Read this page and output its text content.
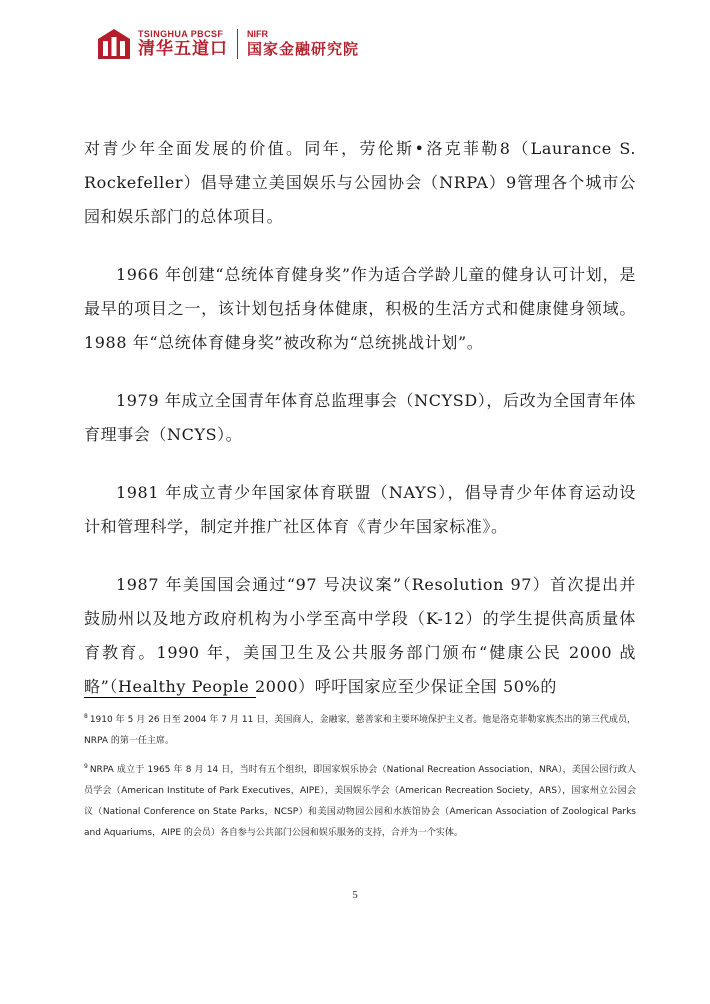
TSINGHUA PBCSF
清华五道口
NIFR
国家金融研究院

对青少年全面发展的价值。同年，劳伦斯•洛克菲勒8（Laurance S. Rockefeller）倡导建立美国娱乐与公园协会（NRPA）9管理各个城市公园和娱乐部门的总体项目。

1966 年创建“总统体育健身奖”作为适合学龄儿童的健身认可计划，是最早的项目之一，该计划包括身体健康，积极的生活方式和健康健身领域。1988 年“总统体育健身奖”被改称为“总统挑战计划”。

1979 年成立全国青年体育总监理事会（NCYSD），后改为全国青年体育理事会（NCYS）。

1981 年成立青少年国家体育联盟（NAYS），倡导青少年体育运动设计和管理科学，制定并推广社区体育《青少年国家标准》。

1987 年美国国会通过“97 号决议案”（Resolution 97）首次提出并鼓励州以及地方政府机构为小学至高中学段（K-12）的学生提供高质量体育教育。1990 年，美国卫生及公共服务部门颁布“健康公民 2000 战略”（Healthy People 2000）呼吁国家应至少保证全国 50%的

$^8$ 1910 年 5 月 26 日至 2004 年 7 月 11 日，美国商人，金融家，慈善家和主要环境保护主义者。他是洛克菲勒家族杰出的第三代成员，NRPA 的第一任主席。

$^9$ NRPA 成立于 1965 年 8 月 14 日，当时有五个组织，即国家娱乐协会（National Recreation Association，NRA），美国公园行政人员学会（American Institute of Park Executives，AIPE），美国娱乐学会（American Recreation Society，ARS），国家州立公园会议（National Conference on State Parks，NCSP）和美国动物园公园和水族馆协会（American Association of Zoological Parks and Aquariums，AIPE 的会员）各自参与公共部门公园和娱乐服务的支持，合并为一个实体。

5
